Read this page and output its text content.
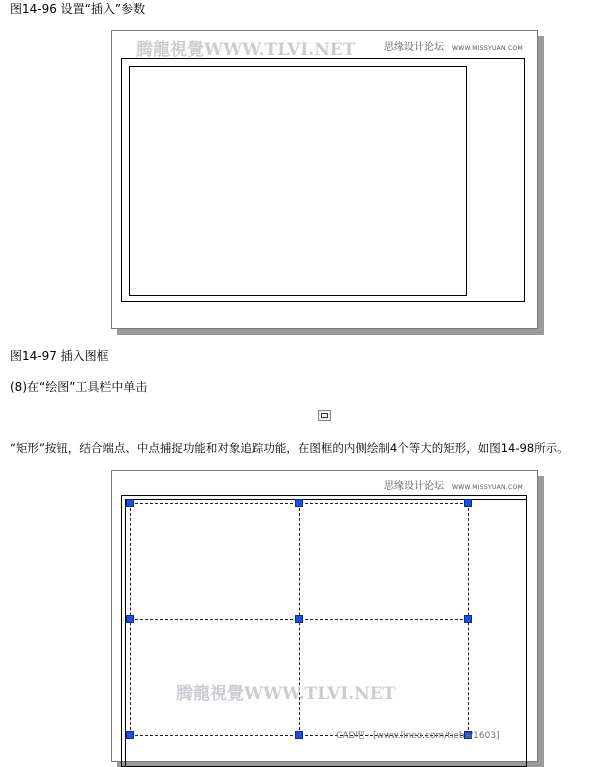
图14-96 设置“插入”参数
腾龍視覺WWW.TLVI.NET	思缘设计论坛 WWW.MISSYUAN.COM
图14-97 插入图框
(8)在“绘图”工具栏中单击
“矩形”按钮，结合端点、中点捕捉功能和对象追踪功能，在图框的内侧绘制4个等大的矩形，如图14-98所示。
思缘设计论坛 WWW.MISSYUAN.COM
腾龍視覺WWW.TLVI.NET
CAD吧 · [www.lineo.com/tieba/1603]
